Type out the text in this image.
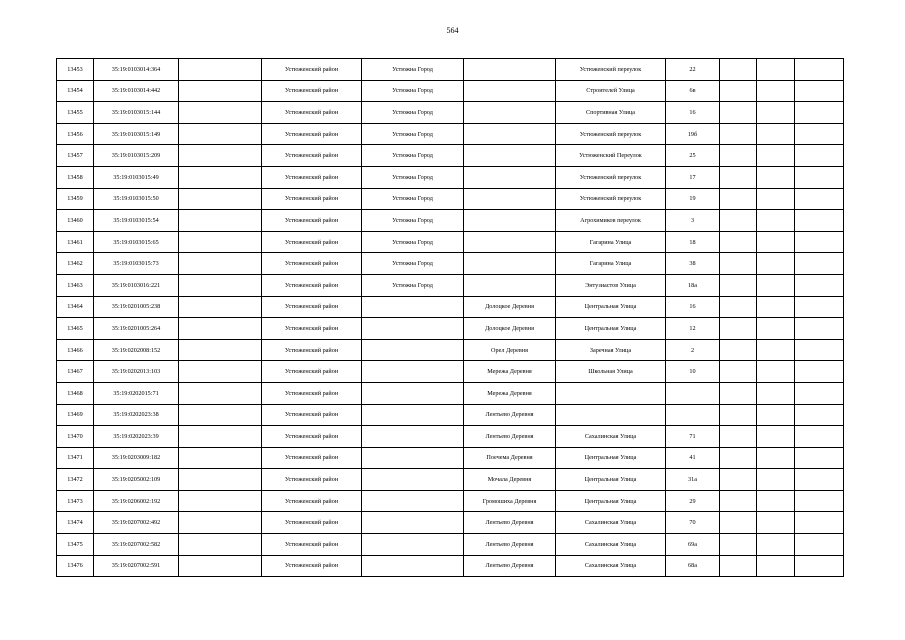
564
13453	35:19:0103014:364		Устюженский район	Устюжна Город		Устюженский переулок	22			
13454	35:19:0103014:442		Устюженский район	Устюжна Город		Строителей Улица	6в			
13455	35:19:0103015:144		Устюженский район	Устюжна Город		Спортивная Улица	16			
13456	35:19:0103015:149		Устюженский район	Устюжна Город		Устюженский переулок	19б			
13457	35:19:0103015:209		Устюженский район	Устюжна Город		Устюженский Переулок	25			
13458	35:19:0103015:49		Устюженский район	Устюжна Город		Устюженский переулок	17			
13459	35:19:0103015:50		Устюженский район	Устюжна Город		Устюженский переулок	19			
13460	35:19:0103015:54		Устюженский район	Устюжна Город		Агрохимиков переулок	3			
13461	35:19:0103015:65		Устюженский район	Устюжна Город		Гагарина Улица	18			
13462	35:19:0103015:73		Устюженский район	Устюжна Город		Гагарина Улица	38			
13463	35:19:0103016:221		Устюженский район	Устюжна Город		Энтузиастов Улица	18а			
13464	35:19:0201005:238		Устюженский район		Долоцкое Деревня	Центральная Улица	16			
13465	35:19:0201005:264		Устюженский район		Долоцкое Деревня	Центральная Улица	12			
13466	35:19:0202008:152		Устюженский район		Орел Деревня	Заречная Улица	2			
13467	35:19:0202013:103		Устюженский район		Мережа Деревня	Школьная Улица	10			
13468	35:19:0202015:71		Устюженский район		Мережа Деревня					
13469	35:19:0202023:38		Устюженский район		Лентьево Деревня					
13470	35:19:0202023:39		Устюженский район		Лентьево Деревня	Сахалинская Улица	71			
13471	35:19:0203009:182		Устюженский район		Поечема Деревня	Центральная Улица	41			
13472	35:19:0205002:109		Устюженский район		Мочала Деревня	Центральная Улица	31а			
13473	35:19:0206002:192		Устюженский район		Громошиха Деревня	Центральная Улица	29			
13474	35:19:0207002:492		Устюженский район		Лентьево Деревня	Сахалинская Улица	70			
13475	35:19:0207002:582		Устюженский район		Лентьево Деревня	Сахалинская Улица	69а			
13476	35:19:0207002:591		Устюженский район		Лентьево Деревня	Сахалинская Улица	68а			
